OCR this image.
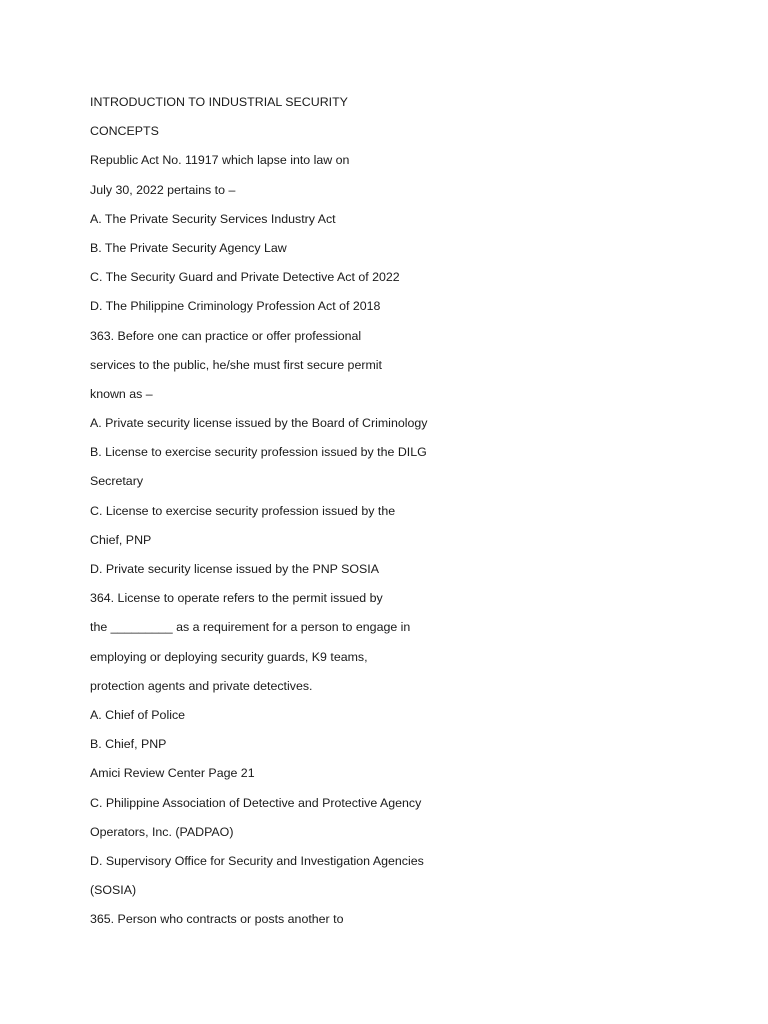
INTRODUCTION TO INDUSTRIAL SECURITY
CONCEPTS
Republic Act No. 11917 which lapse into law on
July 30, 2022 pertains to –
A. The Private Security Services Industry Act
B. The Private Security Agency Law
C. The Security Guard and Private Detective Act of 2022
D. The Philippine Criminology Profession Act of 2018
363. Before one can practice or offer professional
services to the public, he/she must first secure permit
known as –
A. Private security license issued by the Board of Criminology
B. License to exercise security profession issued by the DILG
Secretary
C. License to exercise security profession issued by the
Chief, PNP
D. Private security license issued by the PNP SOSIA
364. License to operate refers to the permit issued by
the _________ as a requirement for a person to engage in
employing or deploying security guards, K9 teams,
protection agents and private detectives.
A. Chief of Police
B. Chief, PNP
Amici Review Center Page 21
C. Philippine Association of Detective and Protective Agency
Operators, Inc. (PADPAO)
D. Supervisory Office for Security and Investigation Agencies
(SOSIA)
365. Person who contracts or posts another to
